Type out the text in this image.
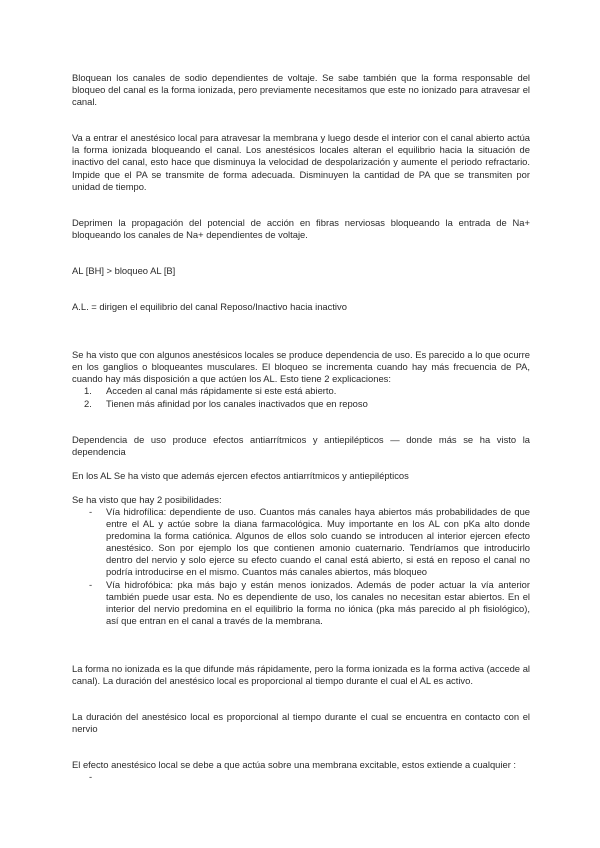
Bloquean los canales de sodio dependientes de voltaje. Se sabe también que la forma responsable del bloqueo del canal es la forma ionizada, pero previamente necesitamos que este no ionizado para atravesar el canal.

Va a entrar el anestésico local para atravesar la membrana y luego desde el interior con el canal abierto actúa la forma ionizada bloqueando el canal. Los anestésicos locales alteran el equilibrio hacia la situación de inactivo del canal, esto hace que disminuya la velocidad de despolarización y aumente el periodo refractario. Impide que el PA se transmite de forma adecuada. Disminuyen la cantidad de PA que se transmiten por unidad de tiempo.

Deprimen la propagación del potencial de acción en fibras nerviosas bloqueando la entrada de Na+ bloqueando los canales de Na+ dependientes de voltaje.

AL [BH] > bloqueo AL [B]

A.L. = dirigen el equilibrio del canal Reposo/Inactivo hacia inactivo

Se ha visto que con algunos anestésicos locales se produce dependencia de uso. Es parecido a lo que ocurre en los ganglios o bloqueantes musculares. El bloqueo se incrementa cuando hay más frecuencia de PA, cuando hay más disposición a que actúen los AL. Esto tiene 2 explicaciones:

1. Acceden al canal más rápidamente si este está abierto.
2. Tienen más afinidad por los canales inactivados que en reposo

Dependencia de uso produce efectos antiarrítmicos y antiepilépticos — donde más se ha visto la dependencia

En los AL Se ha visto que además ejercen efectos antiarrítmicos y antiepilépticos

Se ha visto que hay 2 posibilidades:

- Vía hidrofílica: dependiente de uso. Cuantos más canales haya abiertos más probabilidades de que entre el AL y actúe sobre la diana farmacológica. Muy importante en los AL con pKa alto donde predomina la forma catiónica. Algunos de ellos solo cuando se introducen al interior ejercen efecto anestésico. Son por ejemplo los que contienen amonio cuaternario. Tendríamos que introducirlo dentro del nervio y solo ejerce su efecto cuando el canal está abierto, si está en reposo el canal no podría introducirse en el mismo. Cuantos más canales abiertos, más bloqueo
- Vía hidrofóbica: pka más bajo y están menos ionizados. Además de poder actuar la vía anterior también puede usar esta. No es dependiente de uso, los canales no necesitan estar abiertos. En el interior del nervio predomina en el equilibrio la forma no iónica (pka más parecido al ph fisiológico), así que entran en el canal a través de la membrana.

La forma no ionizada es la que difunde más rápidamente, pero la forma ionizada es la forma activa (accede al canal). La duración del anestésico local es proporcional al tiempo durante el cual el AL es activo.

La duración del anestésico local es proporcional al tiempo durante el cual se encuentra en contacto con el nervio

El efecto anestésico local se debe a que actúa sobre una membrana excitable, estos extiende a cualquier :

-
